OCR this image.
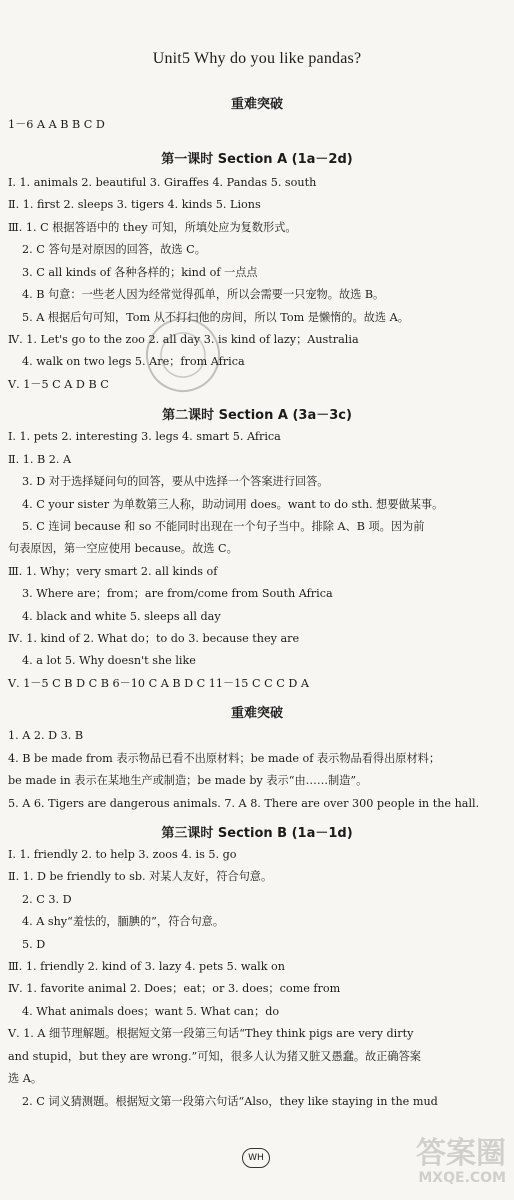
Unit5 Why do you like pandas?
重难突破
1－6 A A B B C D
第一课时 Section A (1a－2d)
Ⅰ. 1. animals 2. beautiful 3. Giraffes 4. Pandas 5. south
Ⅱ. 1. first 2. sleeps 3. tigers 4. kinds 5. Lions
Ⅲ. 1. C 根据答语中的 they 可知，所填处应为复数形式。
2. C 答句是对原因的回答，故选 C。
3. C all kinds of 各种各样的；kind of 一点点
4. B 句意：一些老人因为经常觉得孤单，所以会需要一只宠物。故选 B。
5. A 根据后句可知，Tom 从不打扫他的房间，所以 Tom 是懒惰的。故选 A。
Ⅳ. 1. Let's go to the zoo 2. all day 3. is kind of lazy；Australia
4. walk on two legs 5. Are；from Africa
Ⅴ. 1－5 C A D B C
第二课时 Section A (3a－3c)
Ⅰ. 1. pets 2. interesting 3. legs 4. smart 5. Africa
Ⅱ. 1. B 2. A
3. D 对于选择疑问句的回答，要从中选择一个答案进行回答。
4. C your sister 为单数第三人称，助动词用 does。want to do sth. 想要做某事。
5. C 连词 because 和 so 不能同时出现在一个句子当中。排除 A、B 项。因为前
句表原因，第一空应使用 because。故选 C。
Ⅲ. 1. Why；very smart 2. all kinds of
3. Where are；from；are from/come from South Africa
4. black and white 5. sleeps all day
Ⅳ. 1. kind of 2. What do；to do 3. because they are
4. a lot 5. Why doesn't she like
Ⅴ. 1－5 C B D C B 6－10 C A B D C 11－15 C C C D A
重难突破
1. A 2. D 3. B
4. B be made from 表示物品已看不出原材料；be made of 表示物品看得出原材料；
be made in 表示在某地生产或制造；be made by 表示“由……制造”。
5. A 6. Tigers are dangerous animals. 7. A 8. There are over 300 people in the hall.
第三课时 Section B (1a－1d)
Ⅰ. 1. friendly 2. to help 3. zoos 4. is 5. go
Ⅱ. 1. D be friendly to sb. 对某人友好，符合句意。
2. C 3. D
4. A shy“羞怯的，腼腆的”，符合句意。
5. D
Ⅲ. 1. friendly 2. kind of 3. lazy 4. pets 5. walk on
Ⅳ. 1. favorite animal 2. Does；eat；or 3. does；come from
4. What animals does；want 5. What can；do
Ⅴ. 1. A 细节理解题。根据短文第一段第三句话“They think pigs are very dirty
and stupid，but they are wrong.”可知，很多人认为猪又脏又愚蠢。故正确答案
选 A。
2. C 词义猜测题。根据短文第一段第六句话“Also，they like staying in the mud
WH	答案圈
MXQE.COM
